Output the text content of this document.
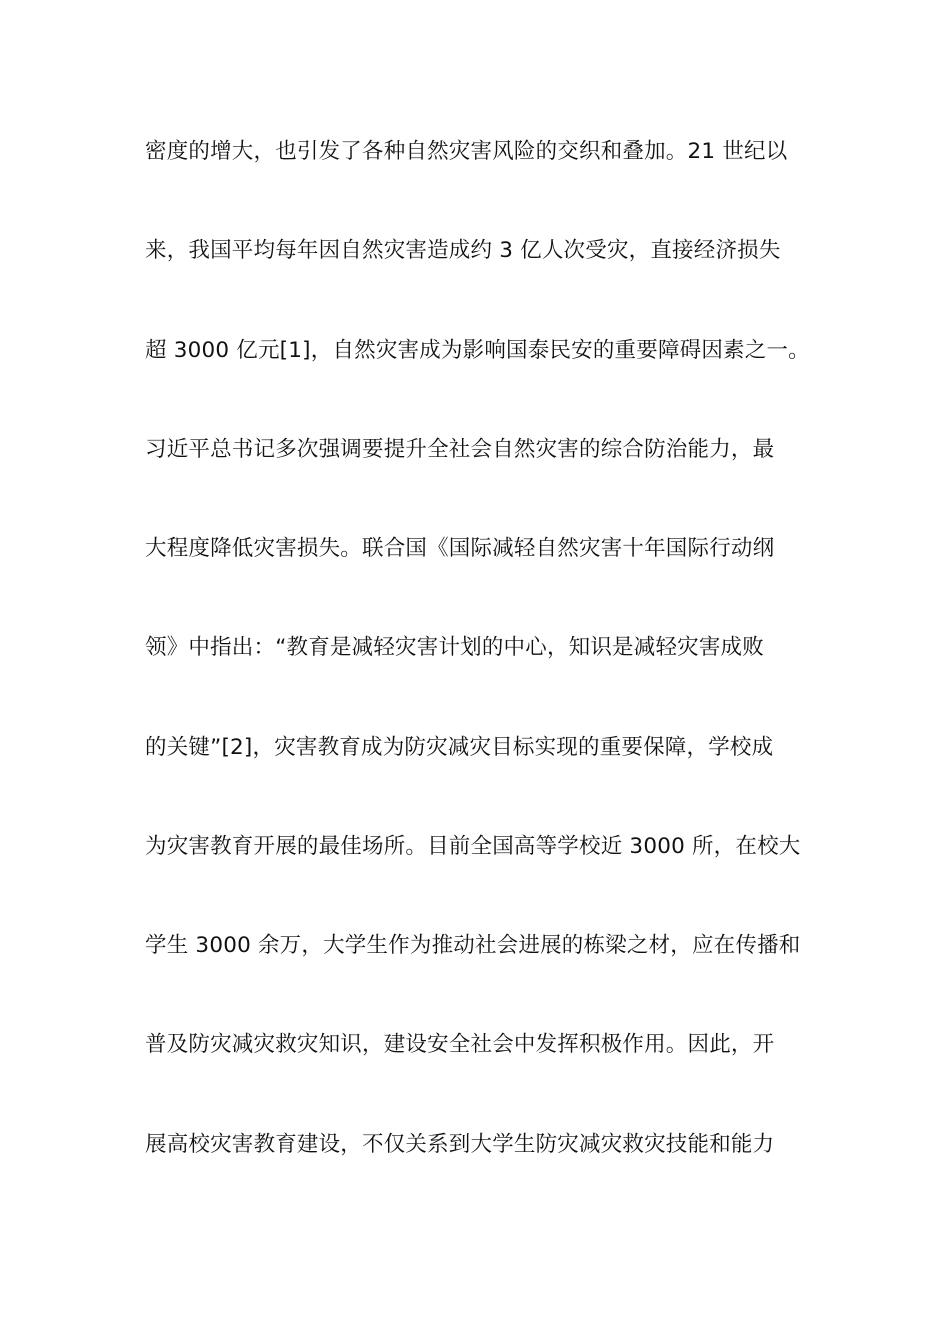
密度的增大，也引发了各种自然灾害风险的交织和叠加。21 世纪以
来，我国平均每年因自然灾害造成约 3 亿人次受灾，直接经济损失
超 3000 亿元[1]，自然灾害成为影响国泰民安的重要障碍因素之一。
习近平总书记多次强调要提升全社会自然灾害的综合防治能力，最
大程度降低灾害损失。联合国《国际减轻自然灾害十年国际行动纲
领》中指出：“教育是减轻灾害计划的中心，知识是减轻灾害成败
的关键”[2]，灾害教育成为防灾减灾目标实现的重要保障，学校成
为灾害教育开展的最佳场所。目前全国高等学校近 3000 所，在校大
学生 3000 余万，大学生作为推动社会进展的栋梁之材，应在传播和
普及防灾减灾救灾知识，建设安全社会中发挥积极作用。因此，开
展高校灾害教育建设，不仅关系到大学生防灾减灾救灾技能和能力
